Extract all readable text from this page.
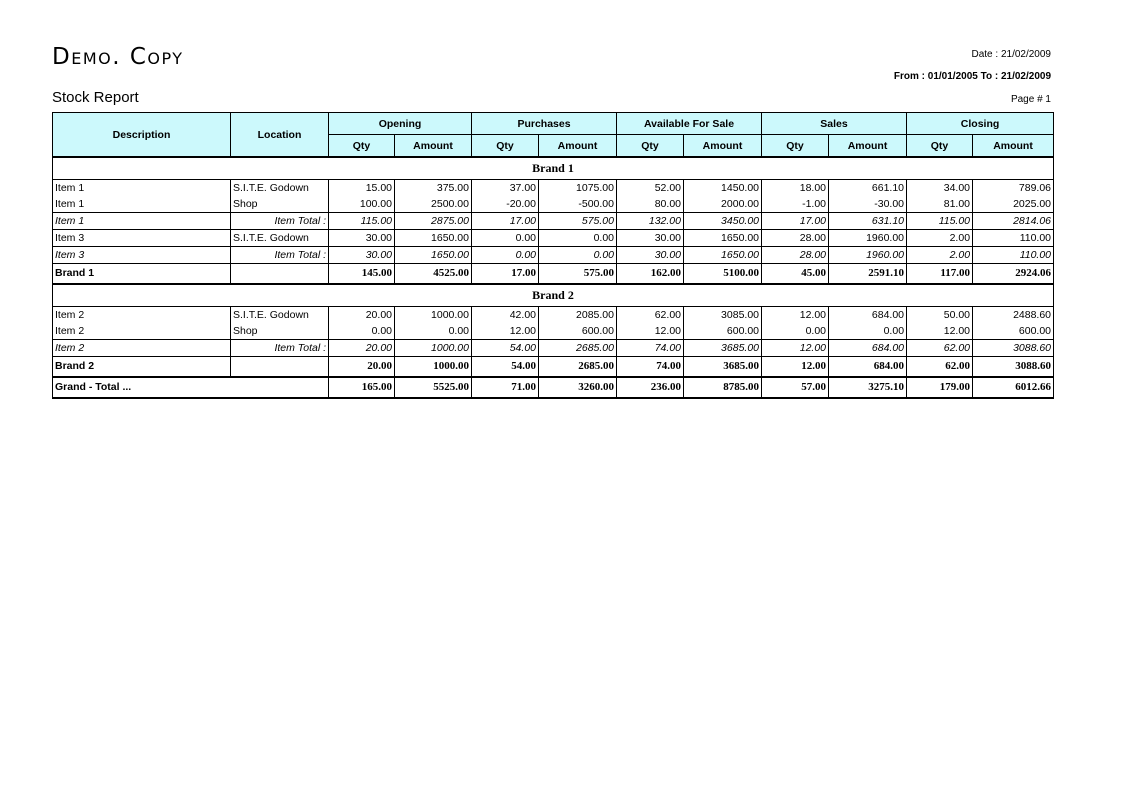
Demo. Copy
Stock Report
Date : 21/02/2009
From : 01/01/2005 To : 21/02/2009
Page # 1
Description	Location	Opening		Purchases		Available For Sale		Sales		Closing	
		Qty	Amount	Qty	Amount	Qty	Amount	Qty	Amount	Qty	Amount
Brand 1											
Item 1	S.I.T.E. Godown	15.00	375.00	37.00	1075.00	52.00	1450.00	18.00	661.10	34.00	789.06
Item 1	Shop	100.00	2500.00	-20.00	-500.00	80.00	2000.00	-1.00	-30.00	81.00	2025.00
Item 1	Item Total :	115.00	2875.00	17.00	575.00	132.00	3450.00	17.00	631.10	115.00	2814.06
Item 3	S.I.T.E. Godown	30.00	1650.00	0.00	0.00	30.00	1650.00	28.00	1960.00	2.00	110.00
Item 3	Item Total :	30.00	1650.00	0.00	0.00	30.00	1650.00	28.00	1960.00	2.00	110.00
Brand 1		145.00	4525.00	17.00	575.00	162.00	5100.00	45.00	2591.10	117.00	2924.06
Brand 2											
Item 2	S.I.T.E. Godown	20.00	1000.00	42.00	2085.00	62.00	3085.00	12.00	684.00	50.00	2488.60
Item 2	Shop	0.00	0.00	12.00	600.00	12.00	600.00	0.00	0.00	12.00	600.00
Item 2	Item Total :	20.00	1000.00	54.00	2685.00	74.00	3685.00	12.00	684.00	62.00	3088.60
Brand 2		20.00	1000.00	54.00	2685.00	74.00	3685.00	12.00	684.00	62.00	3088.60
Grand - Total ...		165.00	5525.00	71.00	3260.00	236.00	8785.00	57.00	3275.10	179.00	6012.66
